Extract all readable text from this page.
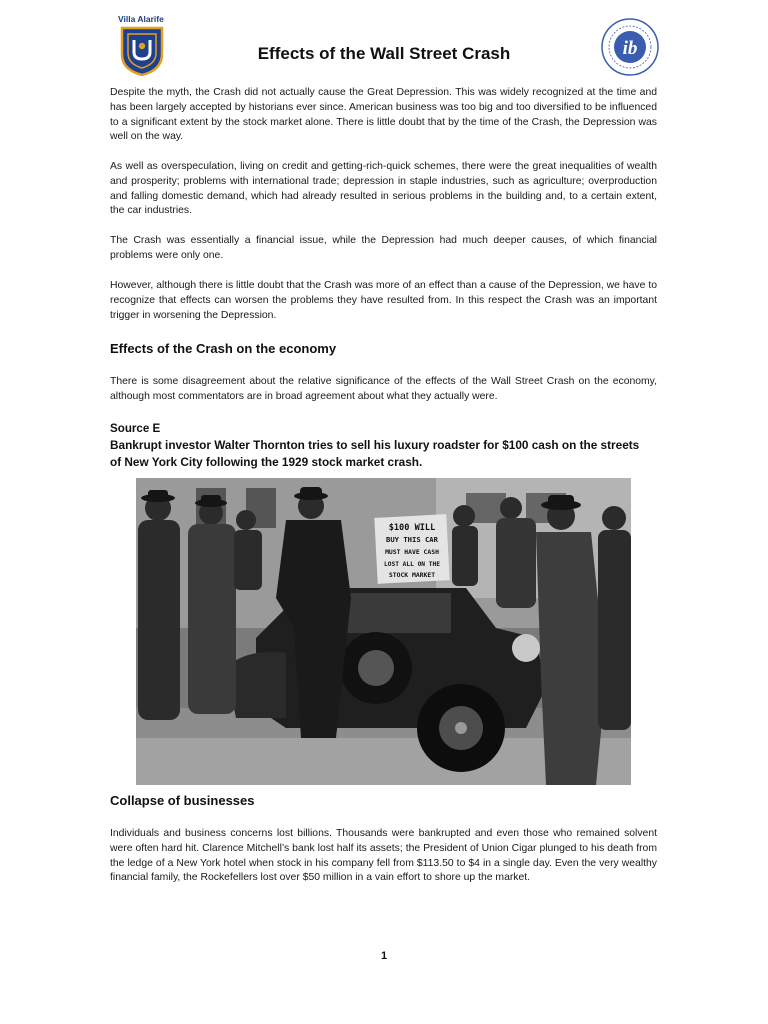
Villa Alarife
ib
Effects of the Wall Street Crash

Despite the myth, the Crash did not actually cause the Great Depression. This was widely recognized at the time and has been largely accepted by historians ever since. American business was too big and too diversified to be influenced to a significant extent by the stock market alone. There is little doubt that by the time of the Crash, the Depression was well on the way.

As well as overspeculation, living on credit and getting-rich-quick schemes, there were the great inequalities of wealth and prosperity; problems with international trade; depression in staple industries, such as agriculture; overproduction and falling domestic demand, which had already resulted in serious problems in the building and, to a certain extent, the car industries.

The Crash was essentially a financial issue, while the Depression had much deeper causes, of which financial problems were only one.

However, although there is little doubt that the Crash was more of an effect than a cause of the Depression, we have to recognize that effects can worsen the problems they have resulted from. In this respect the Crash was an important trigger in worsening the Depression.

Effects of the Crash on the economy

There is some disagreement about the relative significance of the effects of the Wall Street Crash on the economy, although most commentators are in broad agreement about what they actually were.

Source E
Bankrupt investor Walter Thornton tries to sell his luxury roadster for $100 cash on the streets of New York City following the 1929 stock market crash.
$100 WILL
BUY THIS CAR
MUST HAVE CASH
LOST ALL ON THE
STOCK MARKET
Collapse of businesses

Individuals and business concerns lost billions. Thousands were bankrupted and even those who remained solvent were often hard hit. Clarence Mitchell’s bank lost half its assets; the President of Union Cigar plunged to his death from the ledge of a New York hotel when stock in his company fell from $113.50 to $4 in a single day. Even the very wealthy financial family, the Rockefellers lost over $50 million in a vain effort to shore up the market.

1
